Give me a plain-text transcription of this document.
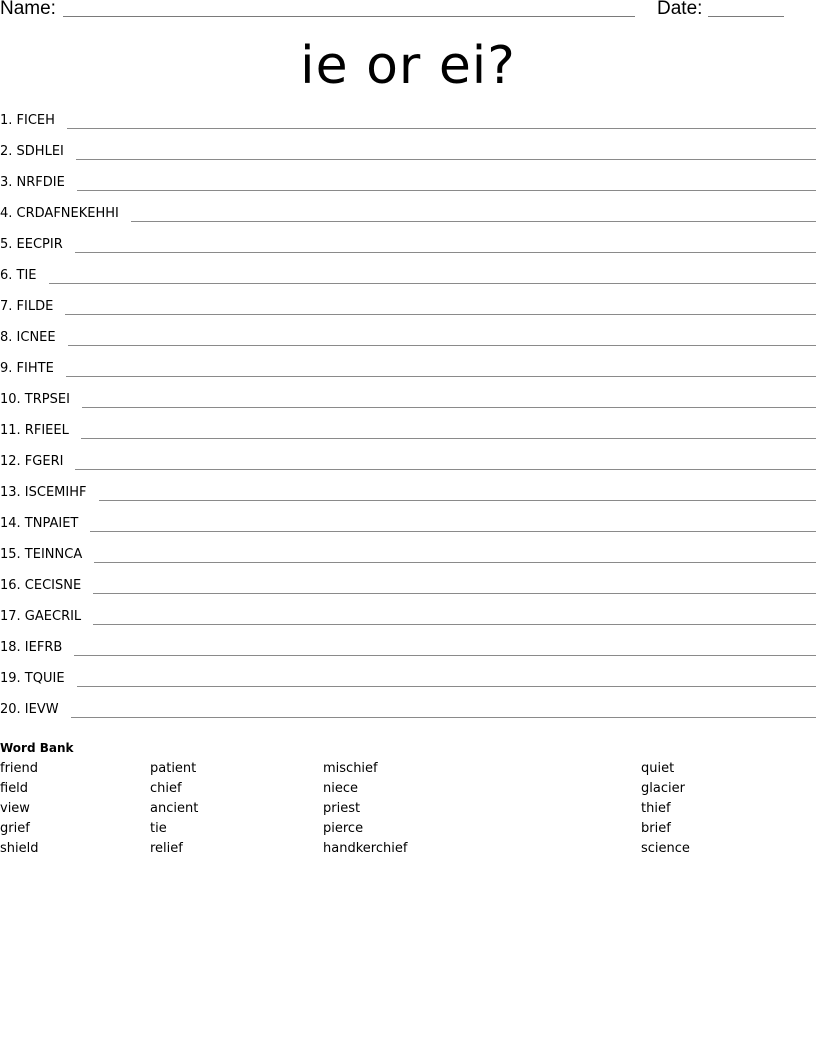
Name:	Date:
ie or ei?
1. FICEH
2. SDHLEI
3. NRFDIE
4. CRDAFNEKEHHI
5. EECPIR
6. TIE
7. FILDE
8. ICNEE
9. FIHTE
10. TRPSEI
11. RFIEEL
12. FGERI
13. ISCEMIHF
14. TNPAIET
15. TEINNCA
16. CECISNE
17. GAECRIL
18. IEFRB
19. TQUIE
20. IEVW
Word Bank
friend
field
view
grief
shield
patient
chief
ancient
tie
relief
mischief
niece
priest
pierce
handkerchief
quiet
glacier
thief
brief
science
